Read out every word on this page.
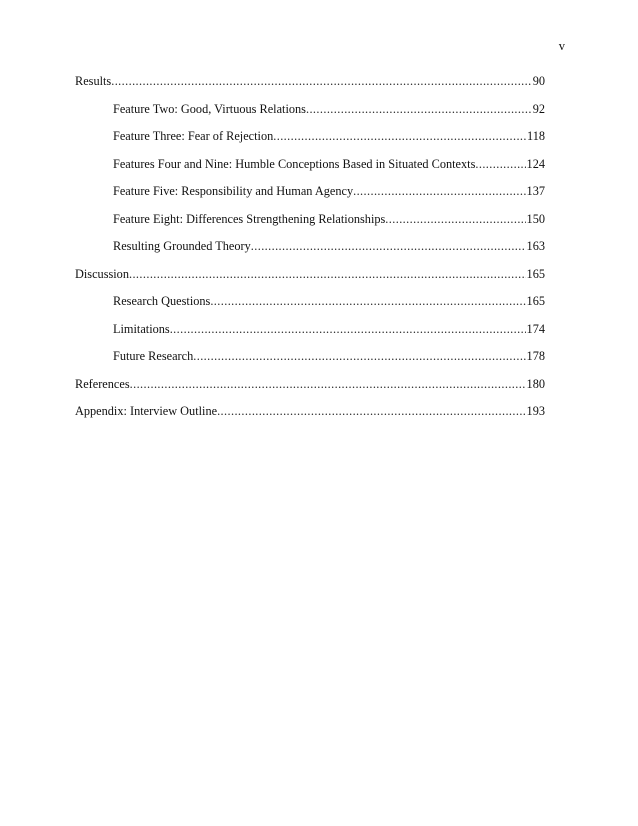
v
Results .....	90
Feature Two: Good, Virtuous Relations .....	92
Feature Three: Fear of Rejection .....	118
Features Four and Nine: Humble Conceptions Based in Situated Contexts .....	124
Feature Five: Responsibility and Human Agency .....	137
Feature Eight: Differences Strengthening Relationships .....	150
Resulting Grounded Theory .....	163
Discussion .....	165
Research Questions .....	165
Limitations .....	174
Future Research .....	178
References .....	180
Appendix: Interview Outline .....	193
